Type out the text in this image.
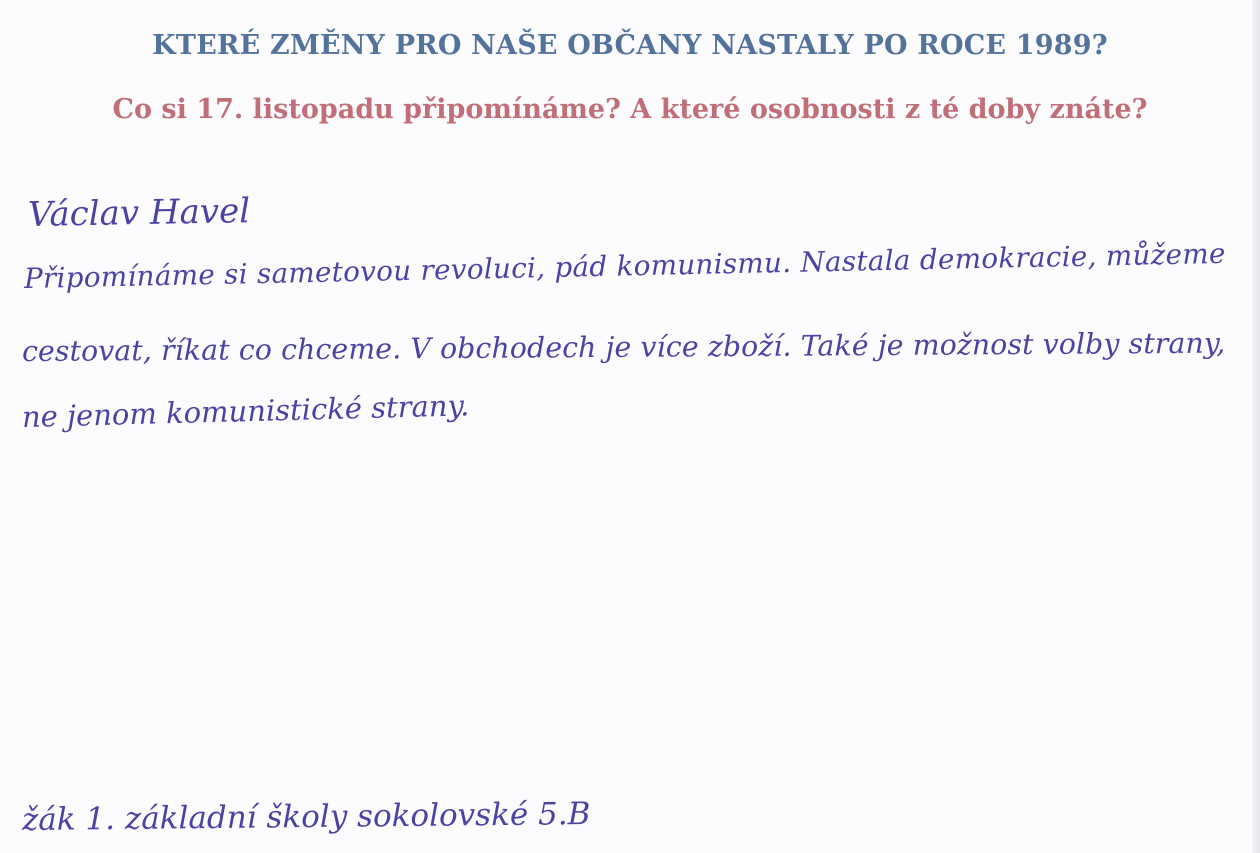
KTERÉ ZMĚNY PRO NAŠE OBČANY NASTALY PO ROCE 1989?
Co si 17. listopadu připomínáme? A které osobnosti z té doby znáte?
Václav Havel
Připomínáme si sametovou revoluci, pád komunismu. Nastala demokracie, můžeme
cestovat, říkat co chceme. V obchodech je více zboží. Také je možnost volby strany,
ne jenom komunistické strany.
žák 1. základní školy sokolovské 5.B
